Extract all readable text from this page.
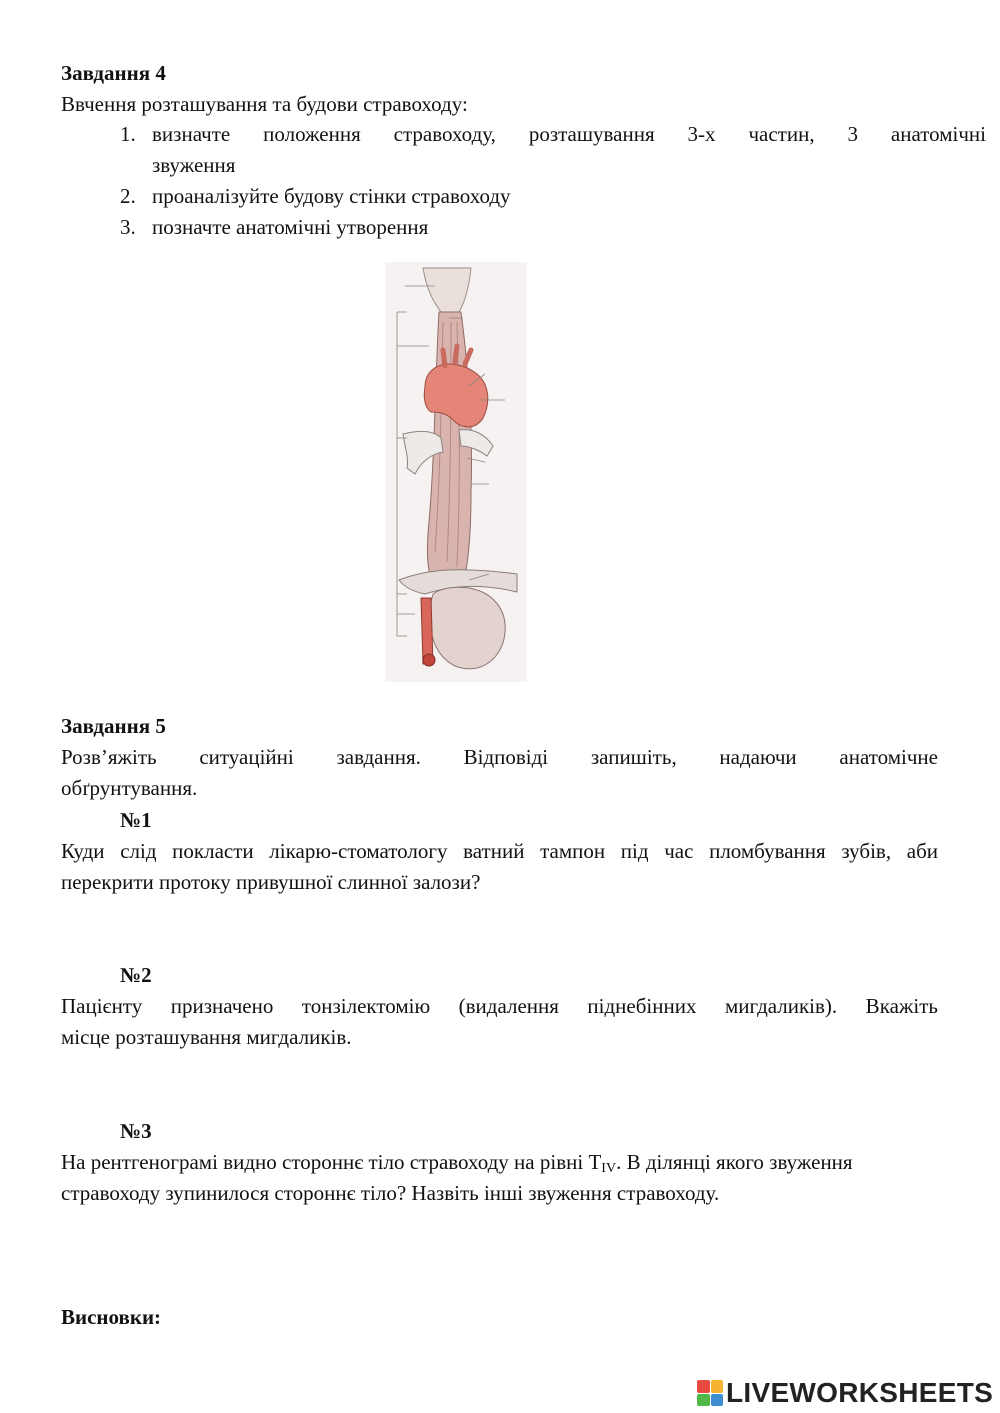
Завдання 4
Ввчення розташування та будови стравоходу:
1. визначте положення стравоходу, розташування 3-х частин, 3 анатомічні
звуження
2. проаналізуйте будову стінки стравоходу
3. позначте анатомічні утворення
Завдання 5
Розв’яжіть ситуаційні завдання. Відповіді запишіть, надаючи анатомічне
обґрунтування.
№1
Куди слід покласти лікарю-стоматологу ватний тампон під час пломбування зубів, аби
перекрити протоку привушної слинної залози?
№2
Пацієнту призначено тонзілектомію (видалення піднебінних мигдаликів). Вкажіть
місце розташування мигдаликів.
№3
На рентгенограмі видно стороннє тіло стравоходу на рівні $T_{IV}$. В ділянці якого звуження
стравоходу зупинилося стороннє тіло? Назвіть інші звуження стравоходу.
Висновки:
LIVEWORKSHEETS
